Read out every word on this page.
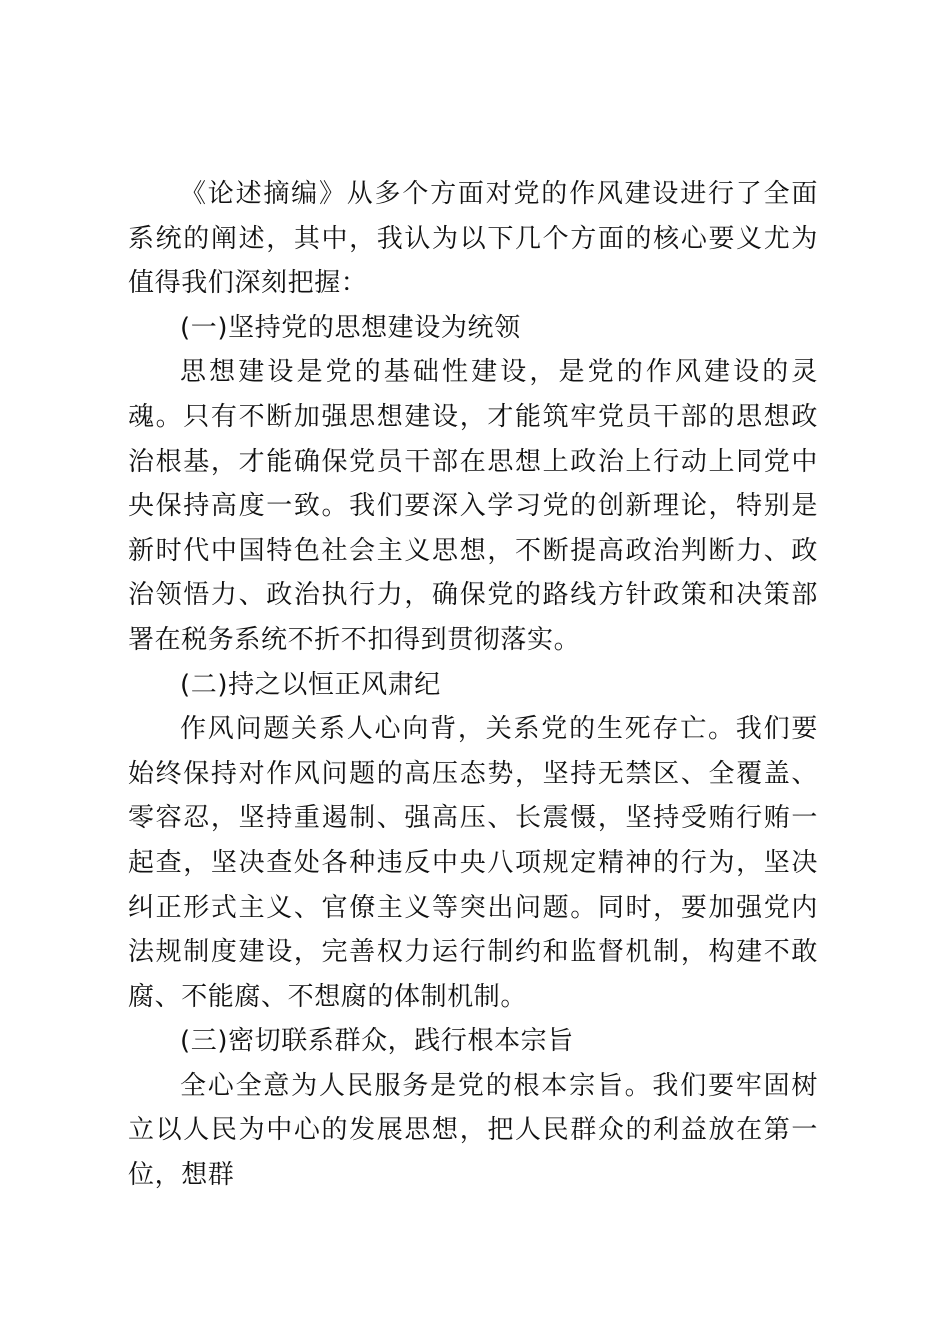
《论述摘编》从多个方面对党的作风建设进行了全面系统的阐述，其中，我认为以下几个方面的核心要义尤为值得我们深刻把握：

(一)坚持党的思想建设为统领

思想建设是党的基础性建设，是党的作风建设的灵魂。只有不断加强思想建设，才能筑牢党员干部的思想政治根基，才能确保党员干部在思想上政治上行动上同党中央保持高度一致。我们要深入学习党的创新理论，特别是新时代中国特色社会主义思想，不断提高政治判断力、政治领悟力、政治执行力，确保党的路线方针政策和决策部署在税务系统不折不扣得到贯彻落实。

(二)持之以恒正风肃纪

作风问题关系人心向背，关系党的生死存亡。我们要始终保持对作风问题的高压态势，坚持无禁区、全覆盖、零容忍，坚持重遏制、强高压、长震慑，坚持受贿行贿一起查，坚决查处各种违反中央八项规定精神的行为，坚决纠正形式主义、官僚主义等突出问题。同时，要加强党内法规制度建设，完善权力运行制约和监督机制，构建不敢腐、不能腐、不想腐的体制机制。

(三)密切联系群众，践行根本宗旨

全心全意为人民服务是党的根本宗旨。我们要牢固树立以人民为中心的发展思想，把人民群众的利益放在第一位，想群
